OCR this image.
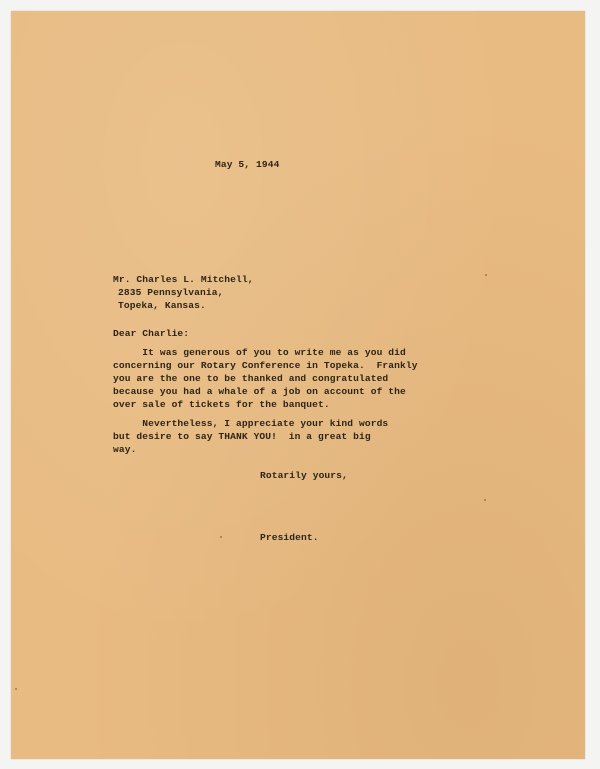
May 5, 1944
Mr. Charles L. Mitchell,
2835 Pennsylvania,
Topeka, Kansas.
Dear Charlie:
It was generous of you to write me as you did
concerning our Rotary Conference in Topeka.  Frankly
you are the one to be thanked and congratulated
because you had a whale of a job on account of the
over sale of tickets for the banquet.
Nevertheless, I appreciate your kind words
but desire to say THANK YOU!  in a great big
way.
Rotarily yours,
President.
